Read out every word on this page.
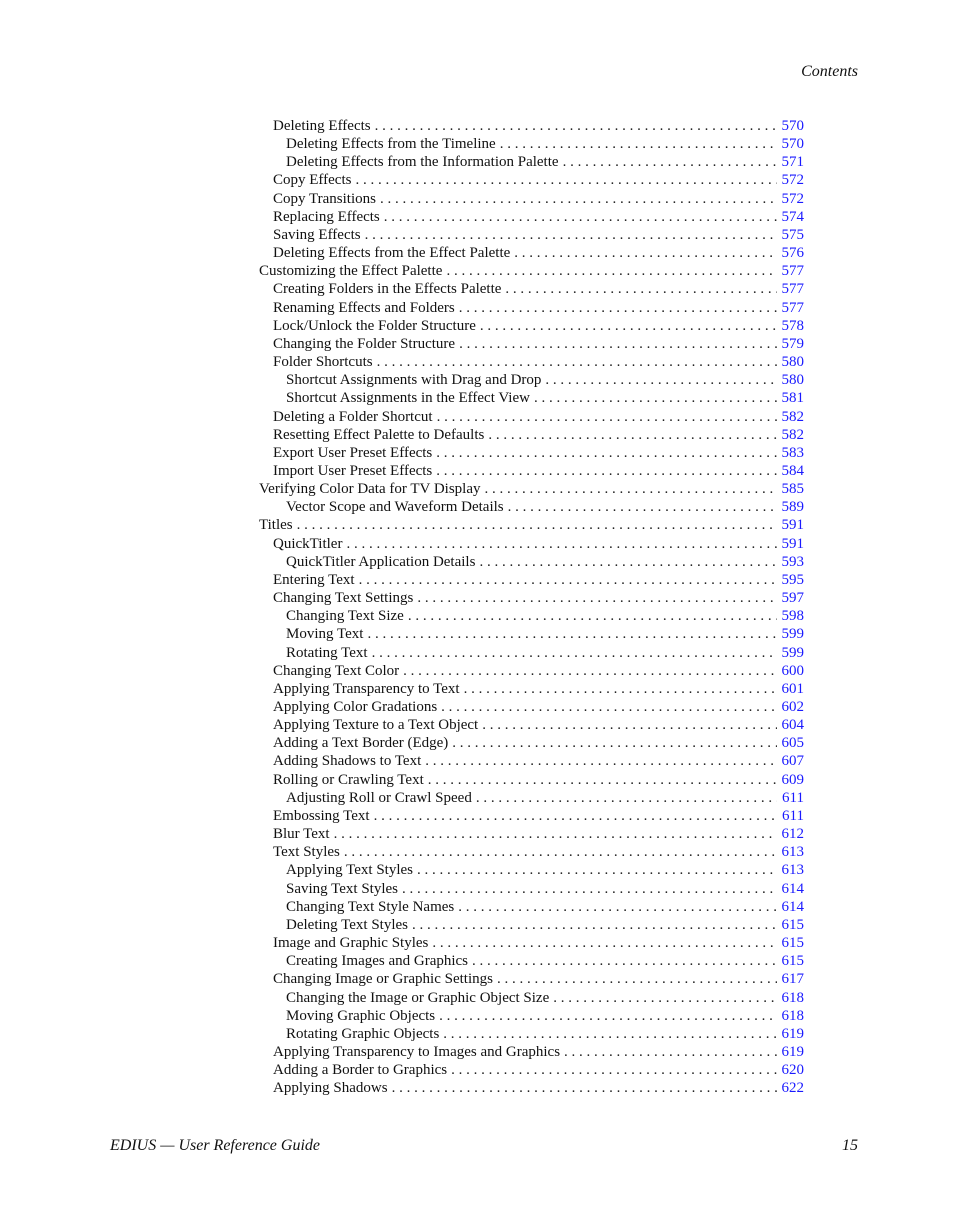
Contents
Deleting Effects . . .	570
Deleting Effects from the Timeline . . .	570
Deleting Effects from the Information Palette . . .	571
Copy Effects . . .	572
Copy Transitions . . .	572
Replacing Effects . . .	574
Saving Effects . . .	575
Deleting Effects from the Effect Palette . . .	576
Customizing the Effect Palette . . .	577
Creating Folders in the Effects Palette . . .	577
Renaming Effects and Folders . . .	577
Lock/Unlock the Folder Structure . . .	578
Changing the Folder Structure . . .	579
Folder Shortcuts . . .	580
Shortcut Assignments with Drag and Drop . . .	580
Shortcut Assignments in the Effect View . . .	581
Deleting a Folder Shortcut . . .	582
Resetting Effect Palette to Defaults . . .	582
Export User Preset Effects . . .	583
Import User Preset Effects . . .	584
Verifying Color Data for TV Display . . .	585
Vector Scope and Waveform Details . . .	589
Titles . . .	591
QuickTitler . . .	591
QuickTitler Application Details . . .	593
Entering Text . . .	595
Changing Text Settings . . .	597
Changing Text Size . . .	598
Moving Text . . .	599
Rotating Text . . .	599
Changing Text Color . . .	600
Applying Transparency to Text . . .	601
Applying Color Gradations . . .	602
Applying Texture to a Text Object . . .	604
Adding a Text Border (Edge) . . .	605
Adding Shadows to Text . . .	607
Rolling or Crawling Text . . .	609
Adjusting Roll or Crawl Speed . . .	611
Embossing Text . . .	611
Blur Text . . .	612
Text Styles . . .	613
Applying Text Styles . . .	613
Saving Text Styles . . .	614
Changing Text Style Names . . .	614
Deleting Text Styles . . .	615
Image and Graphic Styles . . .	615
Creating Images and Graphics . . .	615
Changing Image or Graphic Settings . . .	617
Changing the Image or Graphic Object Size . . .	618
Moving Graphic Objects . . .	618
Rotating Graphic Objects . . .	619
Applying Transparency to Images and Graphics . . .	619
Adding a Border to Graphics . . .	620
Applying Shadows . . .	622
EDIUS — User Reference Guide	15
